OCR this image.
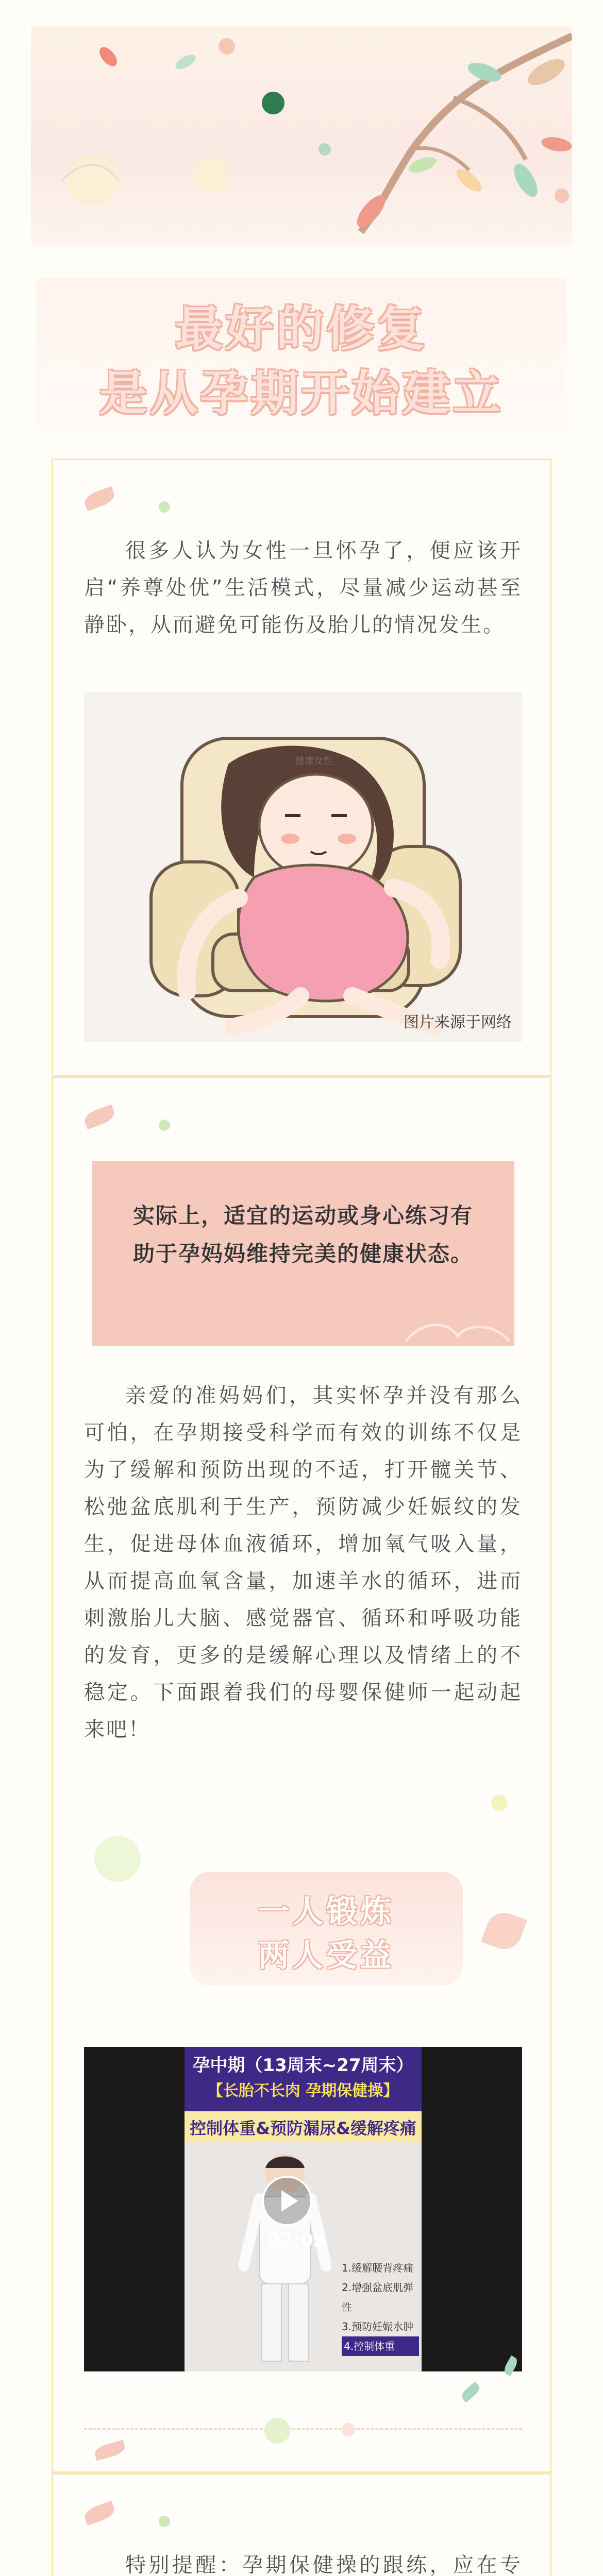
最好的修复
是从孕期开始建立
很多人认为女性一旦怀孕了，便应该开启“养尊处优”生活模式，尽量减少运动甚至静卧，从而避免可能伤及胎儿的情况发生。
健康女性
图片来源于网络
实际上，适宜的运动或身心练习有助于孕妈妈维持完美的健康状态。
亲爱的准妈妈们，其实怀孕并没有那么可怕，在孕期接受科学而有效的训练不仅是为了缓解和预防出现的不适，打开髋关节、松弛盆底肌利于生产，预防减少妊娠纹的发生，促进母体血液循环，增加氧气吸入量，从而提高血氧含量，加速羊水的循环，进而刺激胎儿大脑、感觉器官、循环和呼吸功能的发育，更多的是缓解心理以及情绪上的不稳定。下面跟着我们的母婴保健师一起动起来吧！
一人锻炼
两人受益
孕中期（13周末~27周末）
【长胎不长肉 孕期保健操】
控制体重&预防漏尿&缓解疼痛
02:05
1.缓解腰背疼痛
2.增强盆底肌弹性
3.预防妊娠水肿
4.控制体重
特别提醒：孕期保健操的跟练，应在专
